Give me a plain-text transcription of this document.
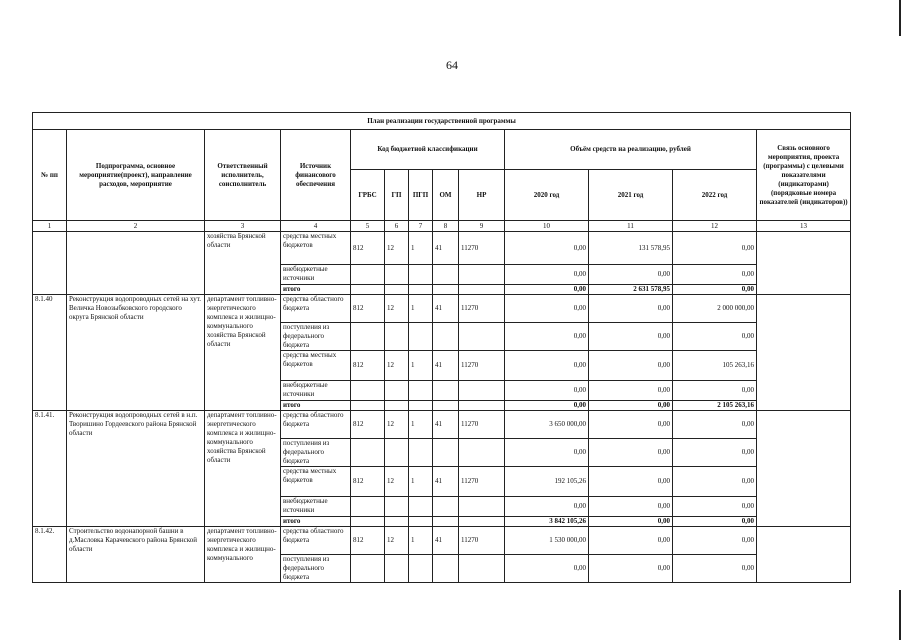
64
План реализации государственной программы												
№ пп	Подпрограмма, основное мероприятие(проект), направление расходов, мероприятие	Ответственный исполнитель, соисполнитель	Источник финансового обеспечения	Код бюджетной классификации					Объём средств на реализацию, рублей			Связь основного мероприятия, проекта (программы) с целевыми показателями (индикаторами) (порядковые номера показателей (индикаторов))
				ГРБС	ГП	ПГП	ОМ	НР	2020 год	2021 год	2022 год	
1	2	3	4	5	6	7	8	9	10	11	12	13
		хозяйства Брянской области	средства местных бюджетов	812	12	1	41	11270	0,00	131 578,95	0,00	
			внебюджетные источники						0,00	0,00	0,00	
			итого						0,00	2 631 578,95	0,00	
8.1.40	Реконструкция водопроводных сетей на хут. Величка Новозыбковского городского округа Брянской области	департамент топливно-энергетического комплекса и жилищно-коммунального хозяйства Брянской области	средства областного бюджета	812	12	1	41	11270	0,00	0,00	2 000 000,00	
			поступления из федерального бюджета						0,00	0,00	0,00	
			средства местных бюджетов	812	12	1	41	11270	0,00	0,00	105 263,16	
			внебюджетные источники						0,00	0,00	0,00	
			итого						0,00	0,00	2 105 263,16	
8.1.41.	Реконструкция водопроводных сетей в н.п. Творишино Гордеевского района Брянской области	департамент топливно-энергетического комплекса и жилищно-коммунального хозяйства Брянской области	средства областного бюджета	812	12	1	41	11270	3 650 000,00	0,00	0,00	
			поступления из федерального бюджета						0,00	0,00	0,00	
			средства местных бюджетов	812	12	1	41	11270	192 105,26	0,00	0,00	
			внебюджетные источники						0,00	0,00	0,00	
			итого						3 842 105,26	0,00	0,00	
8.1.42.	Строительство водонапорной башни в д.Масловка Карачевского района Брянской области	департамент топливно-энергетического комплекса и жилищно-коммунального	средства областного бюджета	812	12	1	41	11270	1 530 000,00	0,00	0,00	
			поступления из федерального бюджета						0,00	0,00	0,00	
